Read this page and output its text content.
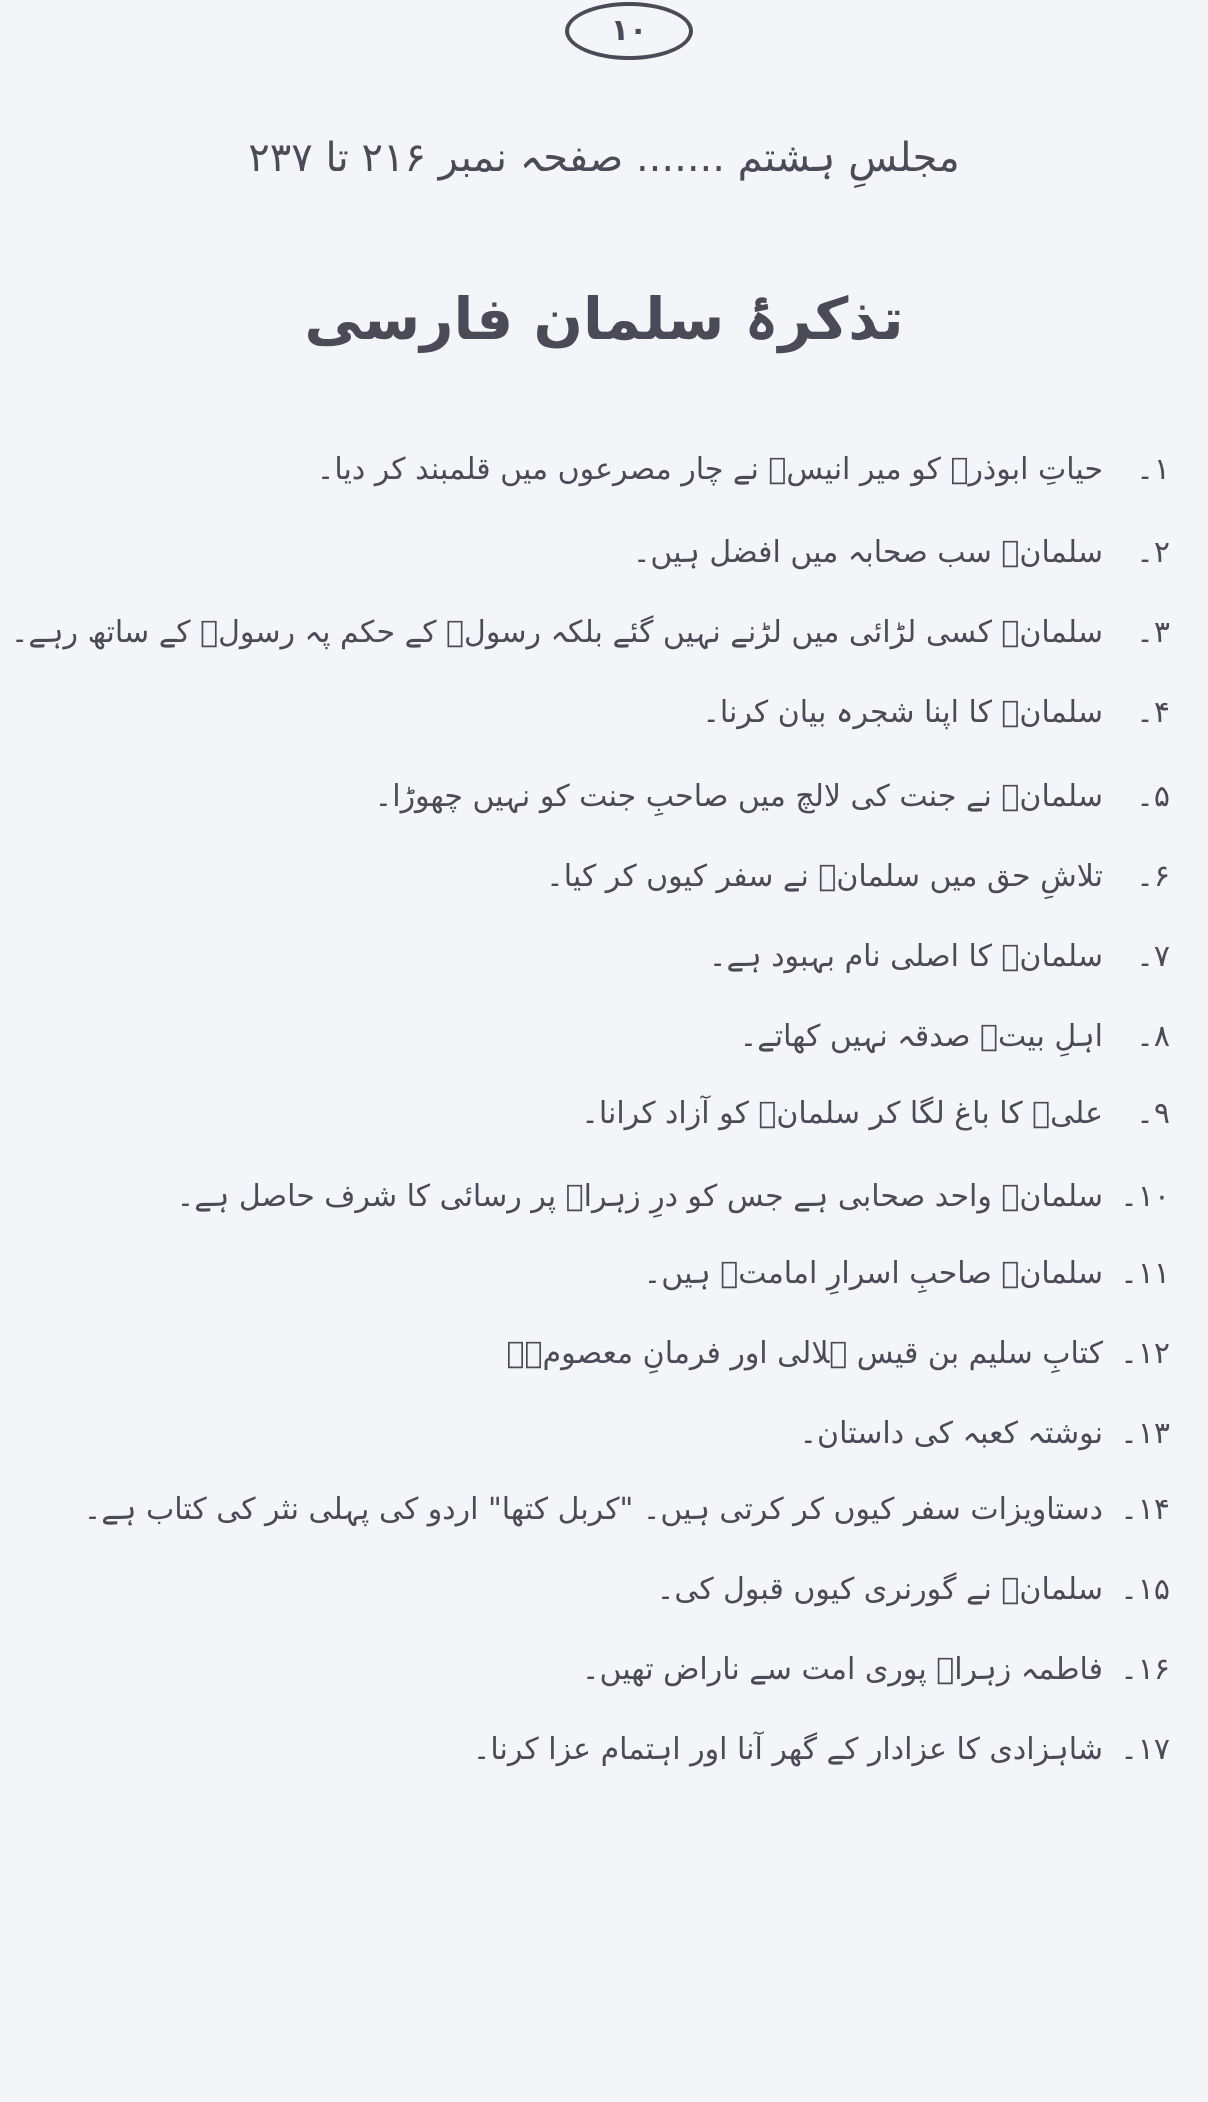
۱۰
مجلسِ ہشتم ....... صفحہ نمبر ۲۱۶ تا ۲۳۷
تذکرۂ سلمان فارسی
۱۔
حیاتِ ابوذرؑ کو میر انیسؔ نے چار مصرعوں میں قلمبند کر دیا۔
۲۔
سلمانؑ سب صحابہ میں افضل ہیں۔
۳۔
سلمانؑ کسی لڑائی میں لڑنے نہیں گئے بلکہ رسولؐ کے حکم پہ رسولؐ کے ساتھ رہے۔
۴۔
سلمانؑ کا اپنا شجرہ بیان کرنا۔
۵۔
سلمانؑ نے جنت کی لالچ میں صاحبِ جنت کو نہیں چھوڑا۔
۶۔
تلاشِ حق میں سلمانؑ نے سفر کیوں کر کیا۔
۷۔
سلمانؑ کا اصلی نام بہبود ہے۔
۸۔
اہلِ بیتؑ صدقہ نہیں کھاتے۔
۹۔
علیؑ کا باغ لگا کر سلمانؑ کو آزاد کرانا۔
۱۰۔
سلمانؑ واحد صحابی ہے جس کو درِ زہراؑ پر رسائی کا شرف حاصل ہے۔
۱۱۔
سلمانؑ صاحبِ اسرارِ امامتؑ ہیں۔
۱۲۔
کتابِ سلیم بن قیس ہلالی اور فرمانِ معصومؑ۔
۱۳۔
نوشتہ کعبہ کی داستان۔
۱۴۔
دستاویزات سفر کیوں کر کرتی ہیں۔ "کربل کتھا" اردو کی پہلی نثر کی کتاب ہے۔
۱۵۔
سلمانؑ نے گورنری کیوں قبول کی۔
۱۶۔
فاطمہ زہراؑ پوری امت سے ناراض تھیں۔
۱۷۔
شاہزادی کا عزادار کے گھر آنا اور اہتمام عزا کرنا۔
